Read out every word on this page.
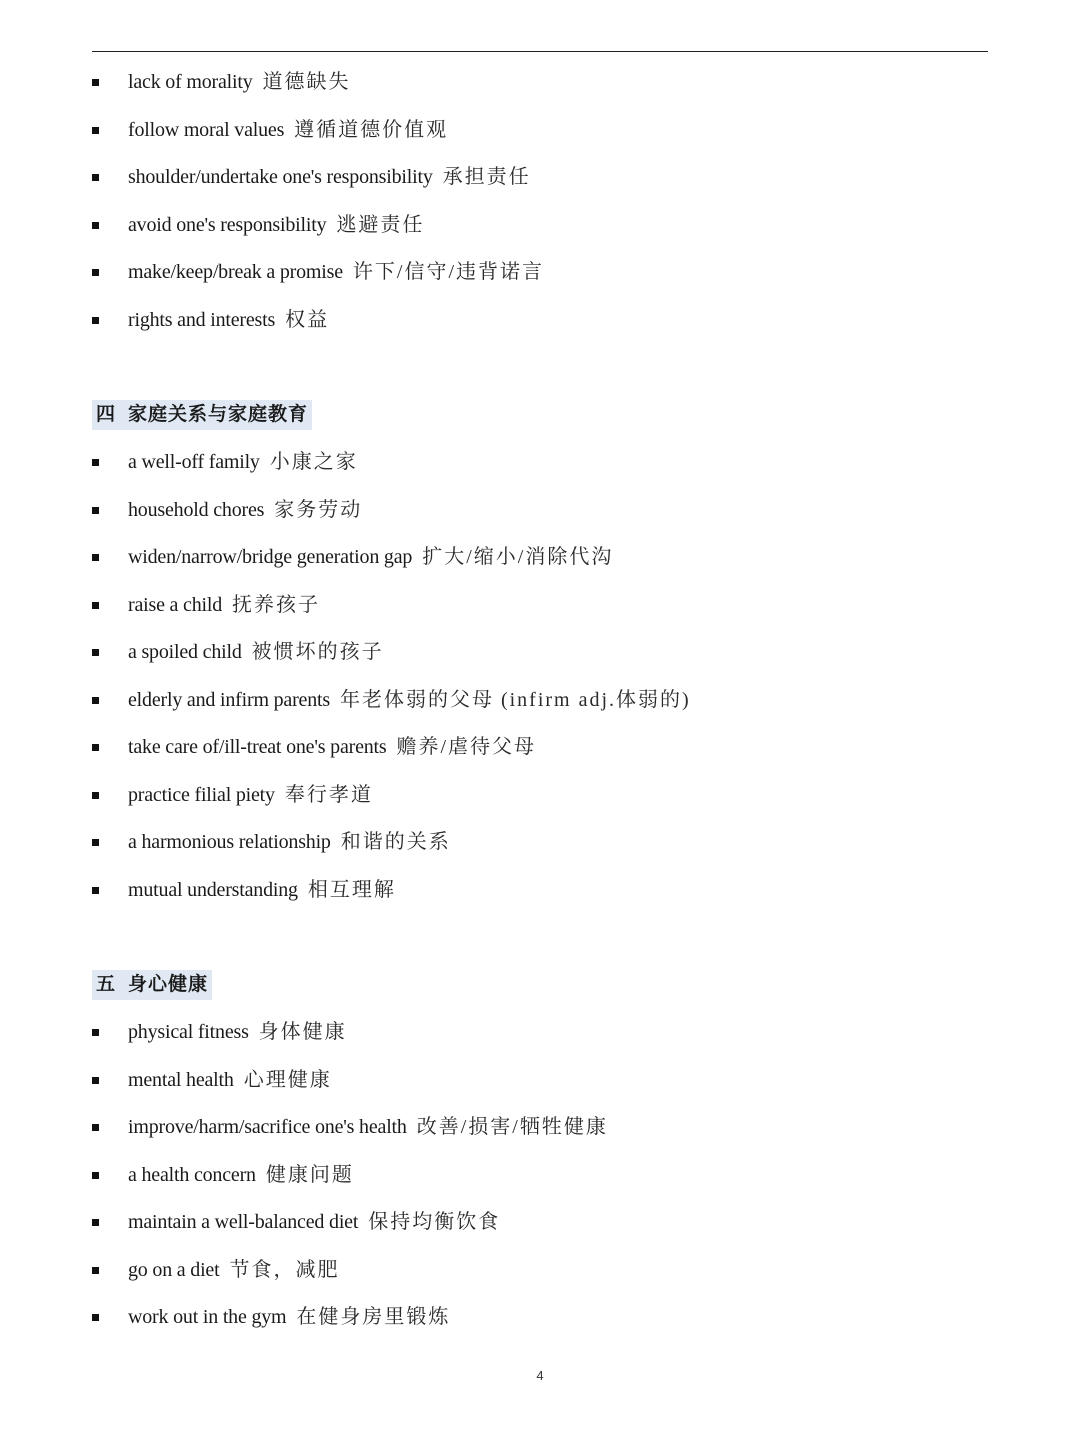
lack of morality 道德缺失
follow moral values 遵循道德价值观
shoulder/undertake one's responsibility 承担责任
avoid one's responsibility 逃避责任
make/keep/break a promise 许下/信守/违背诺言
rights and interests 权益
四 家庭关系与家庭教育
a well-off family 小康之家
household chores 家务劳动
widen/narrow/bridge generation gap 扩大/缩小/消除代沟
raise a child 抚养孩子
a spoiled child 被惯坏的孩子
elderly and infirm parents 年老体弱的父母 (infirm adj.体弱的)
take care of/ill-treat one's parents 赡养/虐待父母
practice filial piety 奉行孝道
a harmonious relationship 和谐的关系
mutual understanding 相互理解
五 身心健康
physical fitness 身体健康
mental health 心理健康
improve/harm/sacrifice one's health 改善/损害/牺牲健康
a health concern 健康问题
maintain a well-balanced diet 保持均衡饮食
go on a diet 节食，减肥
work out in the gym 在健身房里锻炼
4
